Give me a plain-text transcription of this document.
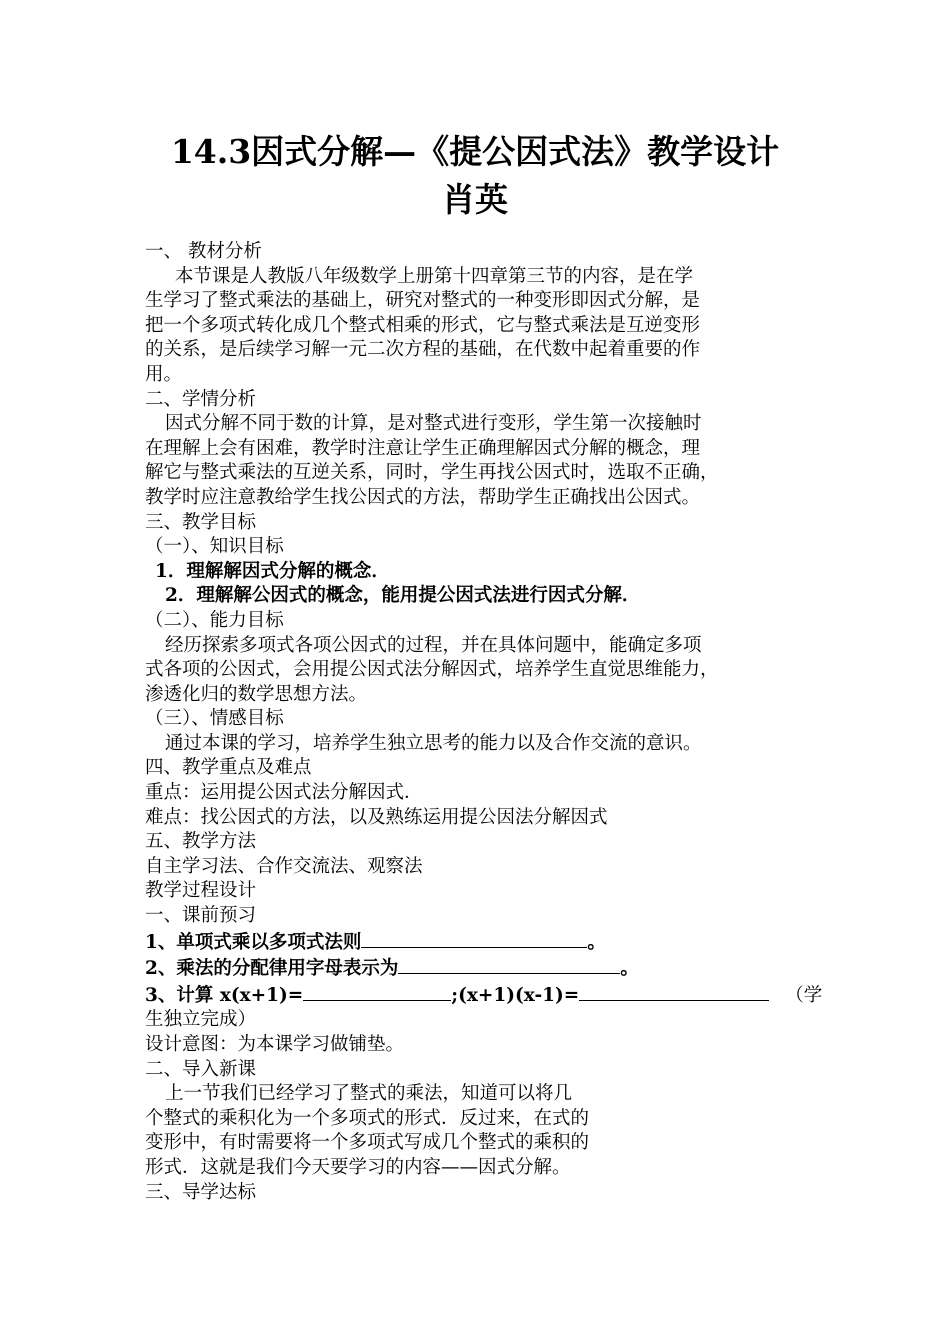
14.3因式分解—《提公因式法》教学设计
肖英

一、 教材分析

本节课是人教版八年级数学上册第十四章第三节的内容，是在学

生学习了整式乘法的基础上，研究对整式的一种变形即因式分解，是

把一个多项式转化成几个整式相乘的形式，它与整式乘法是互逆变形

的关系，是后续学习解一元二次方程的基础，在代数中起着重要的作

用。

二、学情分析

因式分解不同于数的计算，是对整式进行变形，学生第一次接触时

在理解上会有困难，教学时注意让学生正确理解因式分解的概念，理

解它与整式乘法的互逆关系，同时，学生再找公因式时，选取不正确，

教学时应注意教给学生找公因式的方法，帮助学生正确找出公因式。

三、教学目标

（一）、知识目标

1．理解解因式分解的概念．

2．理解解公因式的概念，能用提公因式法进行因式分解．

（二）、能力目标

经历探索多项式各项公因式的过程，并在具体问题中，能确定多项

式各项的公因式，会用提公因式法分解因式，培养学生直觉思维能力，

渗透化归的数学思想方法。

（三）、情感目标

通过本课的学习，培养学生独立思考的能力以及合作交流的意识。

四、教学重点及难点

重点：运用提公因式法分解因式．

难点：找公因式的方法，以及熟练运用提公因法分解因式

五、教学方法

自主学习法、合作交流法、观察法

教学过程设计

一、课前预习

1、单项式乘以多项式法则	。

2、乘法的分配律用字母表示为	。

3、计算 x(x+1)=	;(x+1)(x-1)=	（学

生独立完成）

设计意图：为本课学习做铺垫。

二、导入新课

上一节我们已经学习了整式的乘法，知道可以将几

个整式的乘积化为一个多项式的形式．反过来，在式的

变形中，有时需要将一个多项式写成几个整式的乘积的

形式．这就是我们今天要学习的内容——因式分解。

三、导学达标
